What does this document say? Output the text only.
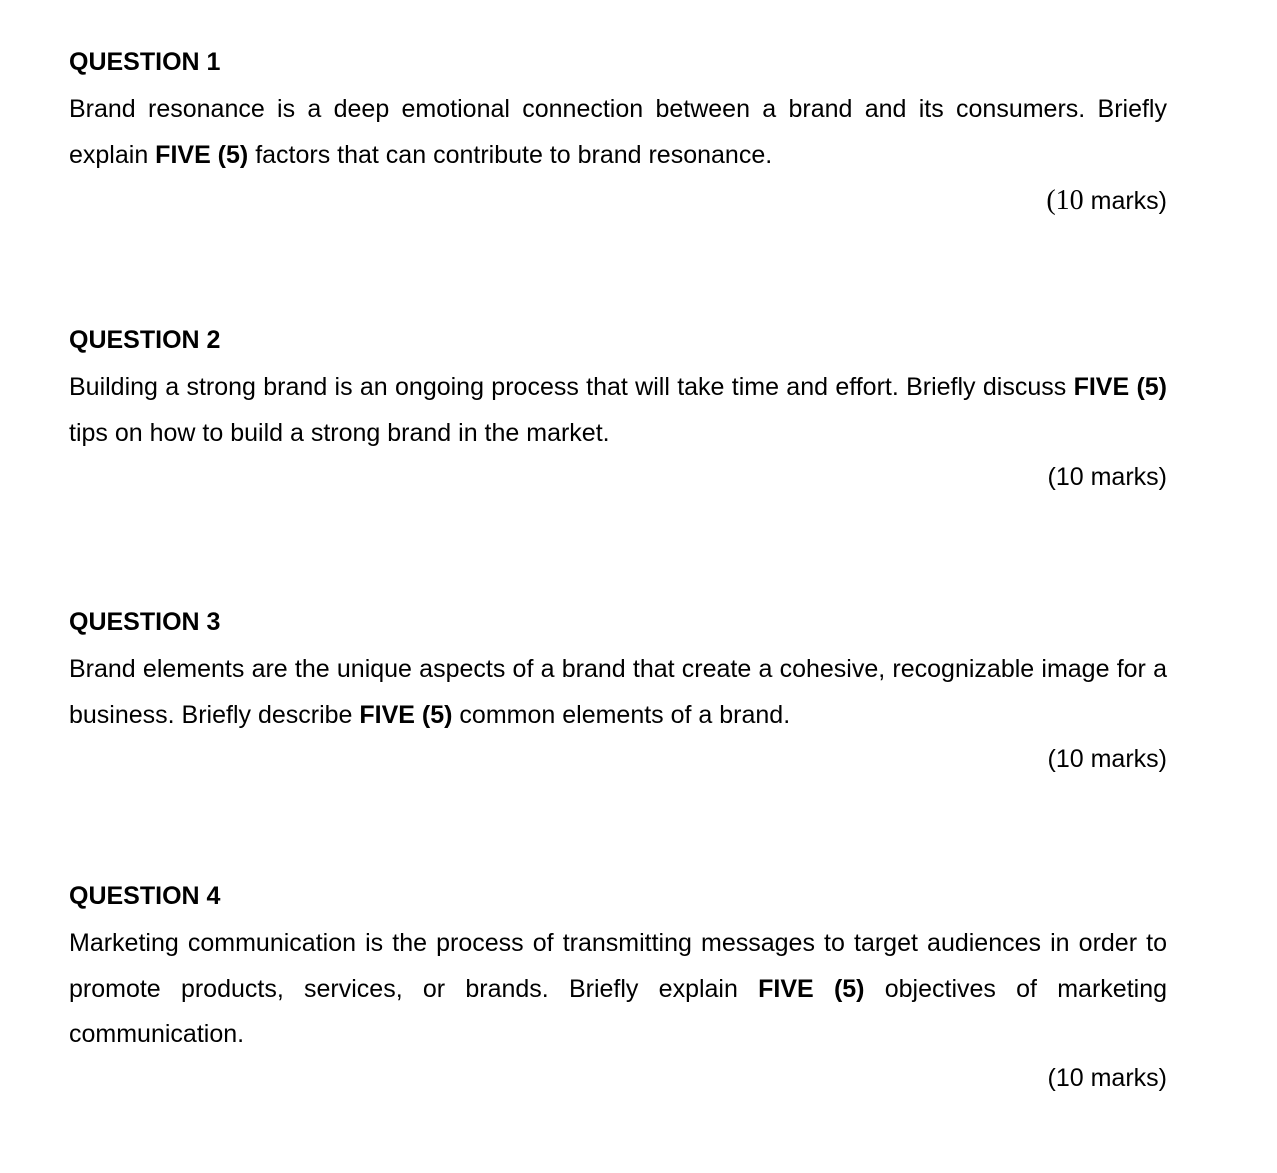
QUESTION 1
Brand resonance is a deep emotional connection between a brand and its consumers. Briefly explain FIVE (5) factors that can contribute to brand resonance.
(10 marks)
QUESTION 2
Building a strong brand is an ongoing process that will take time and effort. Briefly discuss FIVE (5) tips on how to build a strong brand in the market.
(10 marks)
QUESTION 3
Brand elements are the unique aspects of a brand that create a cohesive, recognizable image for a business. Briefly describe FIVE (5) common elements of a brand.
(10 marks)
QUESTION 4
Marketing communication is the process of transmitting messages to target audiences in order to promote products, services, or brands. Briefly explain FIVE (5) objectives of marketing communication.
(10 marks)
